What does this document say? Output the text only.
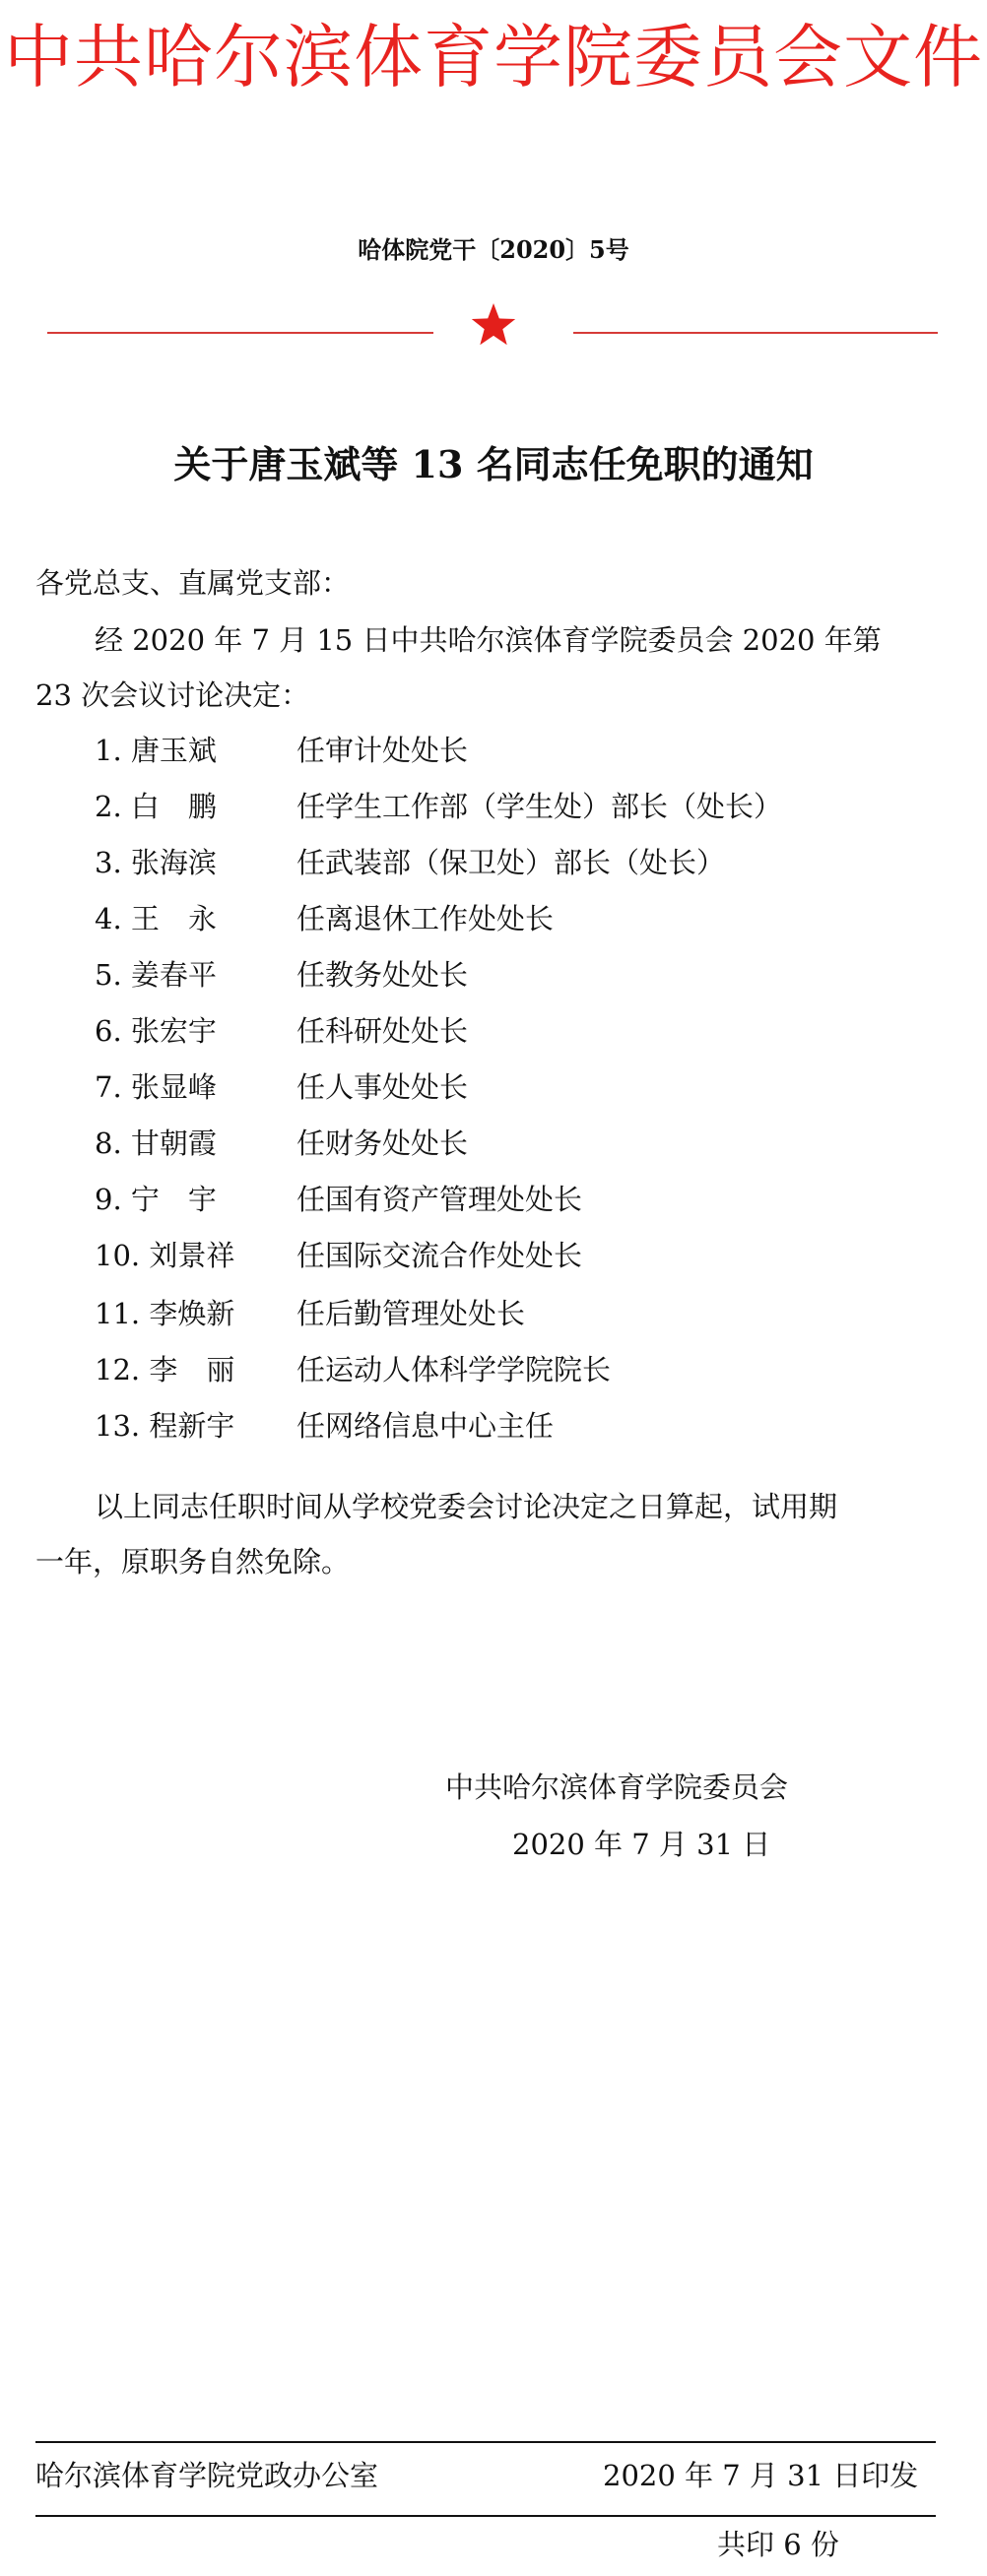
中共哈尔滨体育学院委员会文件
哈体院党干〔2020〕5号
关于唐玉斌等 13 名同志任免职的通知
各党总支、直属党支部：
经 2020 年 7 月 15 日中共哈尔滨体育学院委员会 2020 年第
23 次会议讨论决定：
1. 唐玉斌	任审计处处长
2. 白　鹏	任学生工作部（学生处）部长（处长）
3. 张海滨	任武装部（保卫处）部长（处长）
4. 王　永	任离退休工作处处长
5. 姜春平	任教务处处长
6. 张宏宇	任科研处处长
7. 张显峰	任人事处处长
8. 甘朝霞	任财务处处长
9. 宁　宇	任国有资产管理处处长
10. 刘景祥 任国际交流合作处处长
11. 李焕新 任后勤管理处处长
12. 李　丽 任运动人体科学学院院长
13. 程新宇 任网络信息中心主任
以上同志任职时间从学校党委会讨论决定之日算起，试用期
一年，原职务自然免除。
中共哈尔滨体育学院委员会
2020 年 7 月 31 日
哈尔滨体育学院党政办公室	2020 年 7 月 31 日印发
共印 6 份
